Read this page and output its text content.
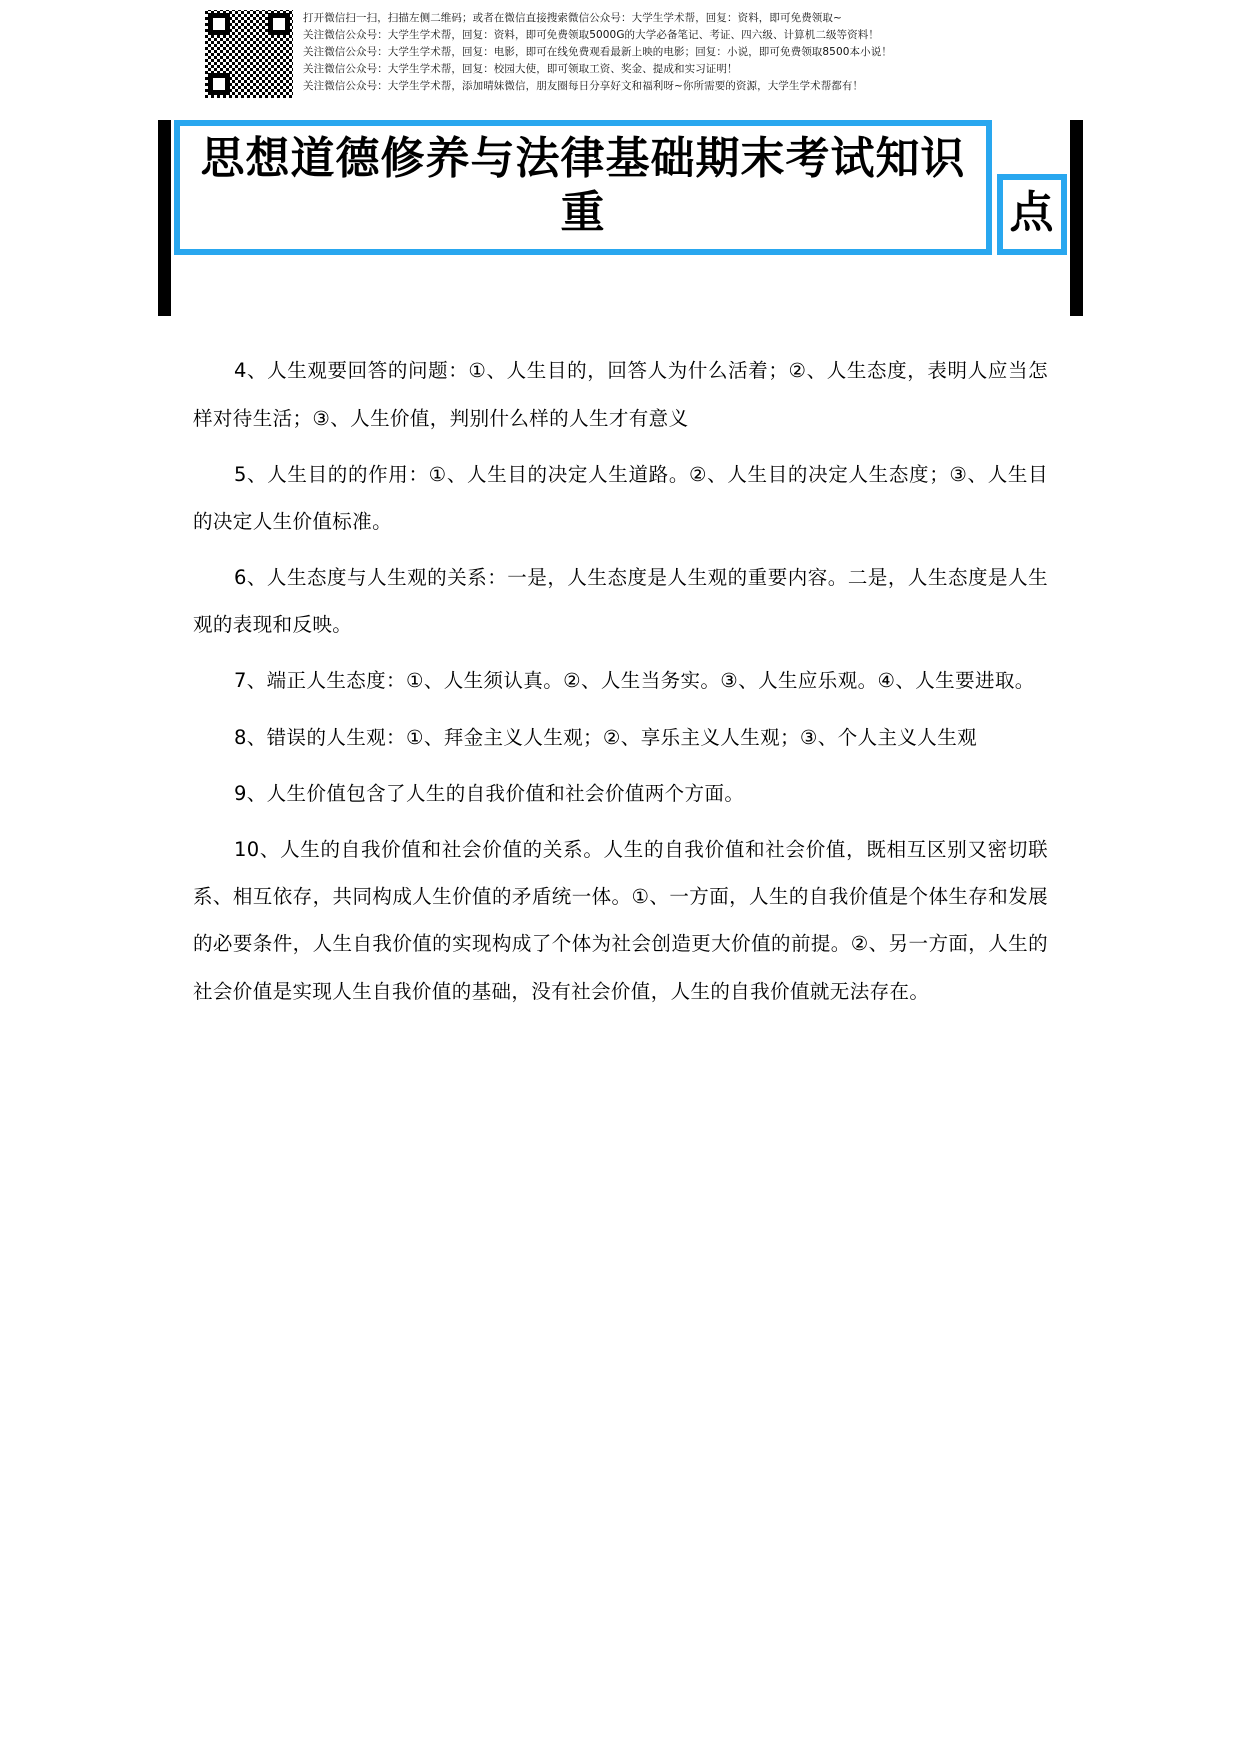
打开微信扫一扫，扫描左侧二维码；或者在微信直接搜索微信公众号：大学生学术帮，回复：资料，即可免费领取~
关注微信公众号：大学生学术帮，回复：资料，即可免费领取5000G的大学必备笔记、考证、四六级、计算机二级等资料！
关注微信公众号：大学生学术帮，回复：电影，即可在线免费观看最新上映的电影；回复：小说，即可免费领取8500本小说！
关注微信公众号：大学生学术帮，回复：校园大使，即可领取工资、奖金、提成和实习证明！
关注微信公众号：大学生学术帮，添加晴妹微信，朋友圈每日分享好文和福利呀~你所需要的资源，大学生学术帮都有！
思想道德修养与法律基础期末考试知识重	点

4、人生观要回答的问题：①、人生目的，回答人为什么活着；②、人生态度，表明人应当怎样对待生活；③、人生价值，判别什么样的人生才有意义

5、人生目的的作用：①、人生目的决定人生道路。②、人生目的决定人生态度；③、人生目的决定人生价值标准。

6、人生态度与人生观的关系：一是，人生态度是人生观的重要内容。二是，人生态度是人生观的表现和反映。

7、端正人生态度：①、人生须认真。②、人生当务实。③、人生应乐观。④、人生要进取。

8、错误的人生观：①、拜金主义人生观；②、享乐主义人生观；③、个人主义人生观

9、人生价值包含了人生的自我价值和社会价值两个方面。

10、人生的自我价值和社会价值的关系。人生的自我价值和社会价值，既相互区别又密切联系、相互依存，共同构成人生价值的矛盾统一体。①、一方面，人生的自我价值是个体生存和发展的必要条件，人生自我价值的实现构成了个体为社会创造更大价值的前提。②、另一方面，人生的社会价值是实现人生自我价值的基础，没有社会价值，人生的自我价值就无法存在。
